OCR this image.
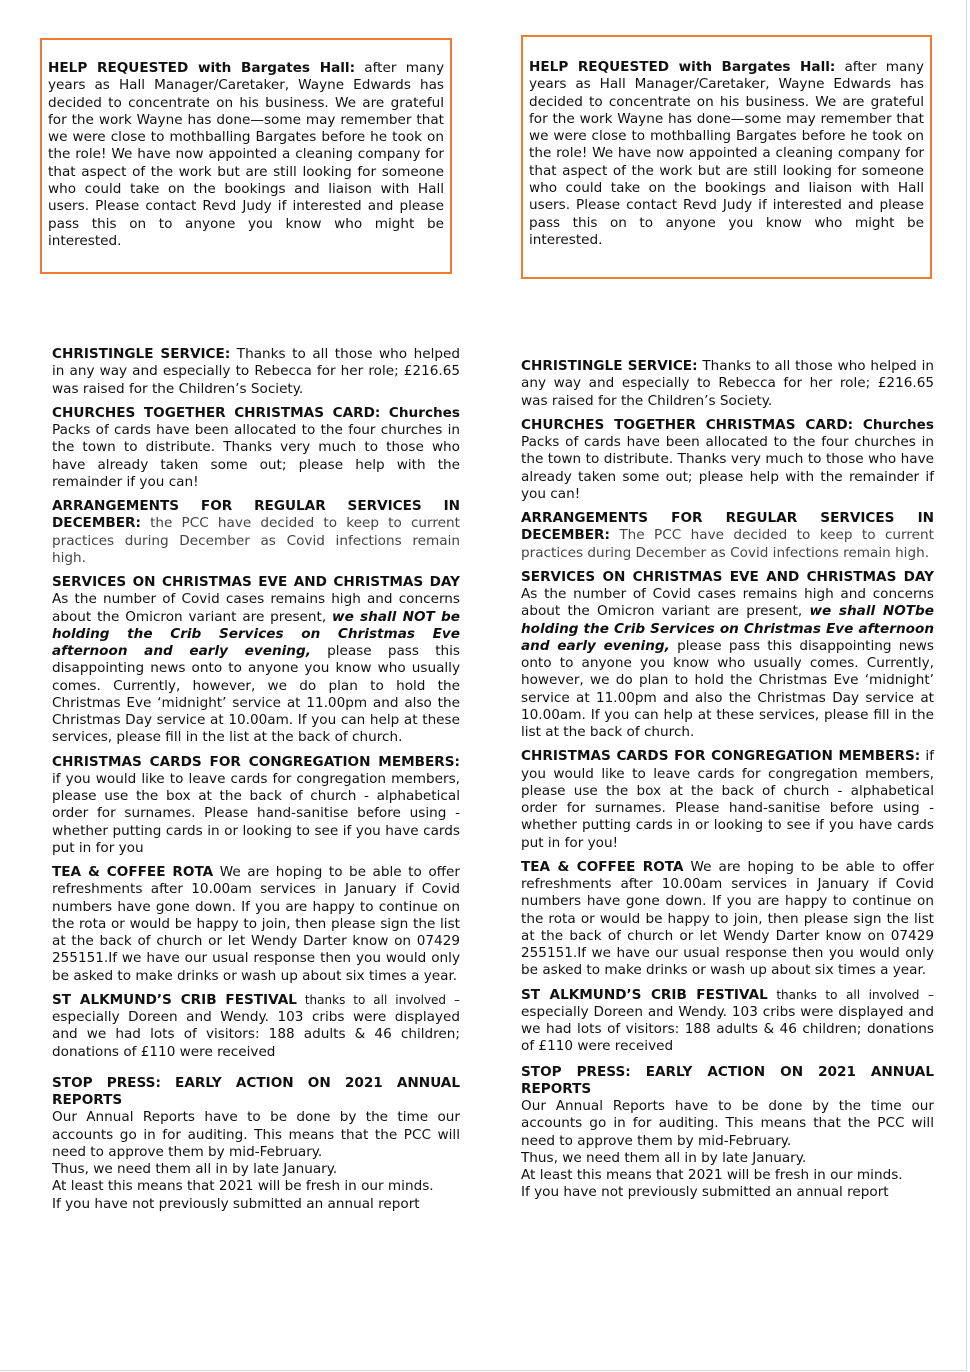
HELP REQUESTED with Bargates Hall: after many years as Hall Manager/Caretaker, Wayne Edwards has decided to concentrate on his business. We are grateful for the work Wayne has done—some may remember that we were close to mothballing Bargates before he took on the role! We have now appointed a cleaning company for that aspect of the work but are still looking for someone who could take on the bookings and liaison with Hall users. Please contact Revd Judy if interested and please pass this on to anyone you know who might be interested.
HELP REQUESTED with Bargates Hall: after many years as Hall Manager/Caretaker, Wayne Edwards has decided to concentrate on his business. We are grateful for the work Wayne has done—some may remember that we were close to mothballing Bargates before he took on the role! We have now appointed a cleaning company for that aspect of the work but are still looking for someone who could take on the bookings and liaison with Hall users. Please contact Revd Judy if interested and please pass this on to anyone you know who might be interested.
CHRISTINGLE SERVICE: Thanks to all those who helped in any way and especially to Rebecca for her role; £216.65 was raised for the Children’s Society.
CHURCHES TOGETHER CHRISTMAS CARD: Churches Packs of cards have been allocated to the four churches in the town to distribute. Thanks very much to those who have already taken some out; please help with the remainder if you can!
ARRANGEMENTS FOR REGULAR SERVICES IN DECEMBER: the PCC have decided to keep to current practices during December as Covid infections remain high.
SERVICES ON CHRISTMAS EVE AND CHRISTMAS DAY As the number of Covid cases remains high and concerns about the Omicron variant are present, we shall NOT be holding the Crib Services on Christmas Eve afternoon and early evening, please pass this disappointing news onto to anyone you know who usually comes. Currently, however, we do plan to hold the Christmas Eve ‘midnight’ service at 11.00pm and also the Christmas Day service at 10.00am. If you can help at these services, please fill in the list at the back of church.
CHRISTMAS CARDS FOR CONGREGATION MEMBERS: if you would like to leave cards for congregation members, please use the box at the back of church - alphabetical order for surnames. Please hand-sanitise before using - whether putting cards in or looking to see if you have cards put in for you
TEA & COFFEE ROTA We are hoping to be able to offer refreshments after 10.00am services in January if Covid numbers have gone down. If you are happy to continue on the rota or would be happy to join, then please sign the list at the back of church or let Wendy Darter know on 07429 255151.If we have our usual response then you would only be asked to make drinks or wash up about six times a year.
ST ALKMUND’S CRIB FESTIVAL thanks to all involved – especially Doreen and Wendy. 103 cribs were displayed and we had lots of visitors: 188 adults & 46 children; donations of £110 were received
STOP PRESS: EARLY ACTION ON 2021 ANNUAL REPORTS
Our Annual Reports have to be done by the time our accounts go in for auditing. This means that the PCC will need to approve them by mid-February.
Thus, we need them all in by late January.
At least this means that 2021 will be fresh in our minds.
If you have not previously submitted an annual report
CHRISTINGLE SERVICE: Thanks to all those who helped in any way and especially to Rebecca for her role; £216.65 was raised for the Children’s Society.
CHURCHES TOGETHER CHRISTMAS CARD: Churches Packs of cards have been allocated to the four churches in the town to distribute. Thanks very much to those who have already taken some out; please help with the remainder if you can!
ARRANGEMENTS FOR REGULAR SERVICES IN DECEMBER: The PCC have decided to keep to current practices during December as Covid infections remain high.
SERVICES ON CHRISTMAS EVE AND CHRISTMAS DAY As the number of Covid cases remains high and concerns about the Omicron variant are present, we shall NOTbe holding the Crib Services on Christmas Eve afternoon and early evening, please pass this disappointing news onto to anyone you know who usually comes. Currently, however, we do plan to hold the Christmas Eve ‘midnight’ service at 11.00pm and also the Christmas Day service at 10.00am. If you can help at these services, please fill in the list at the back of church.
CHRISTMAS CARDS FOR CONGREGATION MEMBERS: if you would like to leave cards for congregation members, please use the box at the back of church - alphabetical order for surnames. Please hand-sanitise before using - whether putting cards in or looking to see if you have cards put in for you!
TEA & COFFEE ROTA We are hoping to be able to offer refreshments after 10.00am services in January if Covid numbers have gone down. If you are happy to continue on the rota or would be happy to join, then please sign the list at the back of church or let Wendy Darter know on 07429 255151.If we have our usual response then you would only be asked to make drinks or wash up about six times a year.
ST ALKMUND’S CRIB FESTIVAL thanks to all involved – especially Doreen and Wendy. 103 cribs were displayed and we had lots of visitors: 188 adults & 46 children; donations of £110 were received
STOP PRESS: EARLY ACTION ON 2021 ANNUAL REPORTS
Our Annual Reports have to be done by the time our accounts go in for auditing. This means that the PCC will need to approve them by mid-February.
Thus, we need them all in by late January.
At least this means that 2021 will be fresh in our minds.
If you have not previously submitted an annual report
